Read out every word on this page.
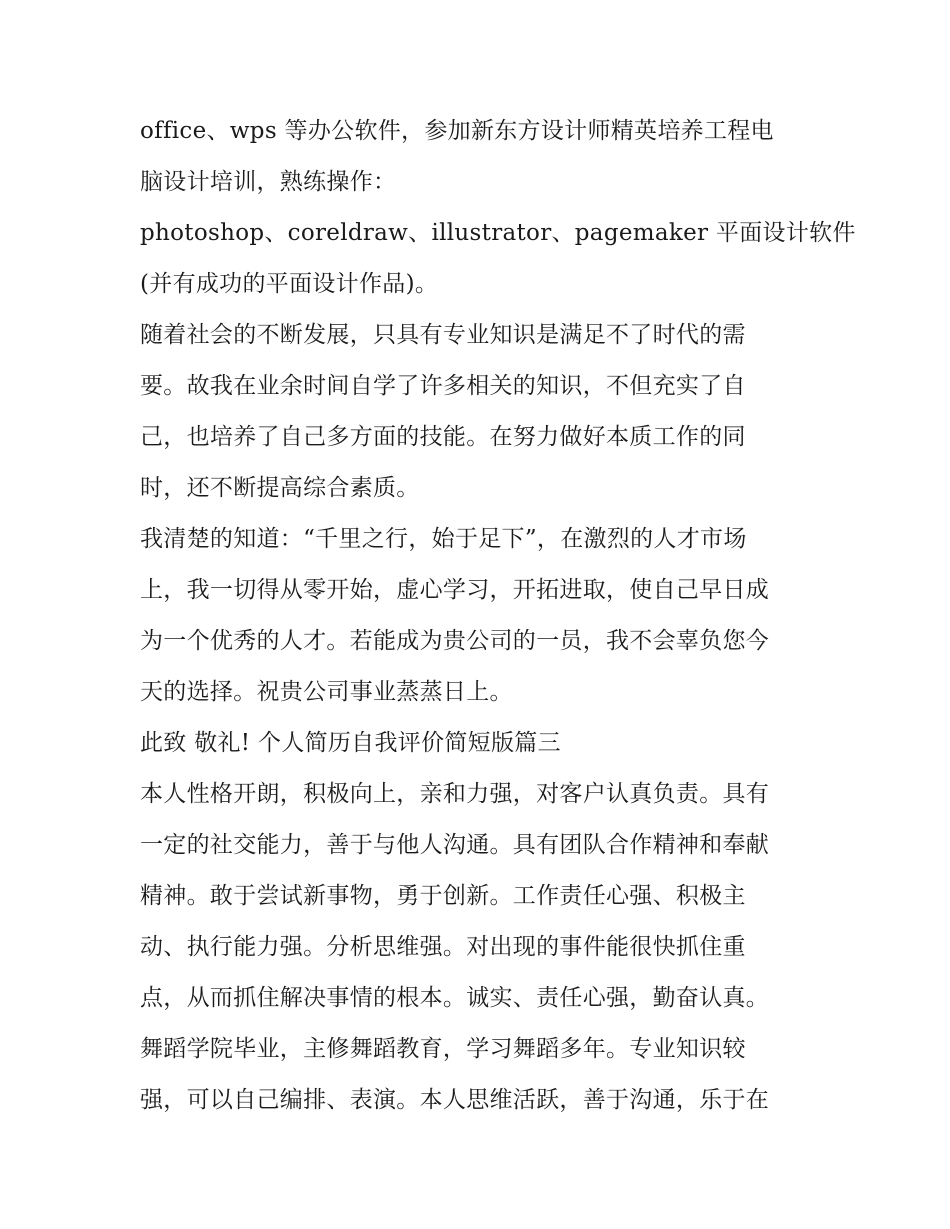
office、wps 等办公软件，参加新东方设计师精英培养工程电
脑设计培训，熟练操作：
photoshop、coreldraw、illustrator、pagemaker 平面设计软件
(并有成功的平面设计作品)。
随着社会的不断发展，只具有专业知识是满足不了时代的需
要。故我在业余时间自学了许多相关的知识，不但充实了自
己，也培养了自己多方面的技能。在努力做好本质工作的同
时，还不断提高综合素质。
我清楚的知道：“千里之行，始于足下”，在激烈的人才市场
上，我一切得从零开始，虚心学习，开拓进取，使自己早日成
为一个优秀的人才。若能成为贵公司的一员，我不会辜负您今
天的选择。祝贵公司事业蒸蒸日上。
此致 敬礼! 个人简历自我评价简短版篇三
本人性格开朗，积极向上，亲和力强，对客户认真负责。具有
一定的社交能力，善于与他人沟通。具有团队合作精神和奉献
精神。敢于尝试新事物，勇于创新。工作责任心强、积极主
动、执行能力强。分析思维强。对出现的事件能很快抓住重
点，从而抓住解决事情的根本。诚实、责任心强，勤奋认真。
舞蹈学院毕业，主修舞蹈教育，学习舞蹈多年。专业知识较
强，可以自己编排、表演。本人思维活跃，善于沟通，乐于在
